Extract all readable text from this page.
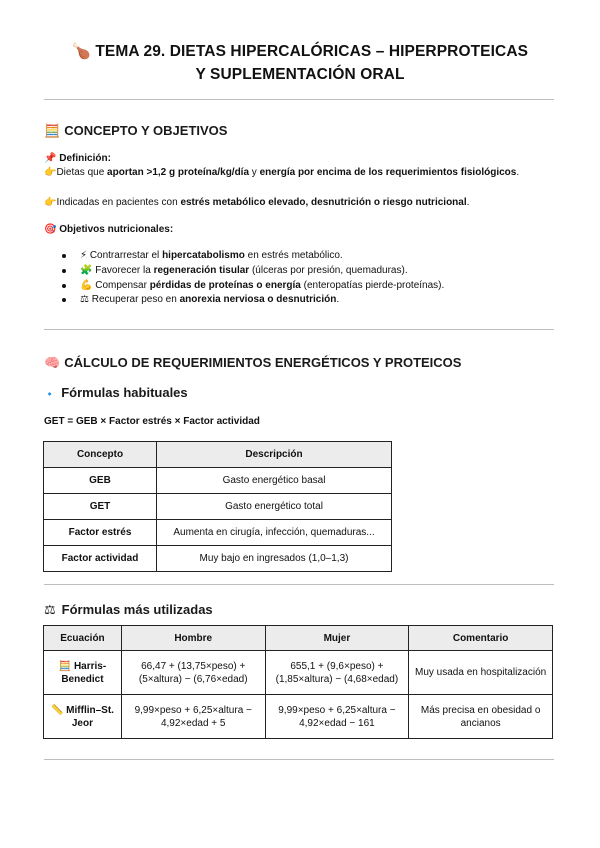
🍗 TEMA 29. DIETAS HIPERCALÓRICAS – HIPERPROTEICAS
Y SUPLEMENTACIÓN ORAL
🧮 CONCEPTO Y OBJETIVOS
📌 Definición:
👉Dietas que aportan >1,2 g proteína/kg/día y energía por encima de los requerimientos fisiológicos.
👉Indicadas en pacientes con estrés metabólico elevado, desnutrición o riesgo nutricional.
🎯 Objetivos nutricionales:
⚡ Contrarrestar el hipercatabolismo en estrés metabólico.
🧩 Favorecer la regeneración tisular (úlceras por presión, quemaduras).
💪 Compensar pérdidas de proteínas o energía (enteropatías pierde-proteínas).
⚖ Recuperar peso en anorexia nerviosa o desnutrición.
🧠 CÁLCULO DE REQUERIMIENTOS ENERGÉTICOS Y PROTEICOS
🔹 Fórmulas habituales
GET = GEB × Factor estrés × Factor actividad
Concepto	Descripción
GEB	Gasto energético basal
GET	Gasto energético total
Factor estrés	Aumenta en cirugía, infección, quemaduras...
Factor actividad	Muy bajo en ingresados (1,0–1,3)
⚖ Fórmulas más utilizadas
Ecuación	Hombre	Mujer	Comentario
🧮 Harris-Benedict	66,47 + (13,75×peso) + (5×altura) − (6,76×edad)	655,1 + (9,6×peso) + (1,85×altura) − (4,68×edad)	Muy usada en hospitalización
📏 Mifflin–St. Jeor	9,99×peso + 6,25×altura − 4,92×edad + 5	9,99×peso + 6,25×altura − 4,92×edad − 161	Más precisa en obesidad o ancianos
